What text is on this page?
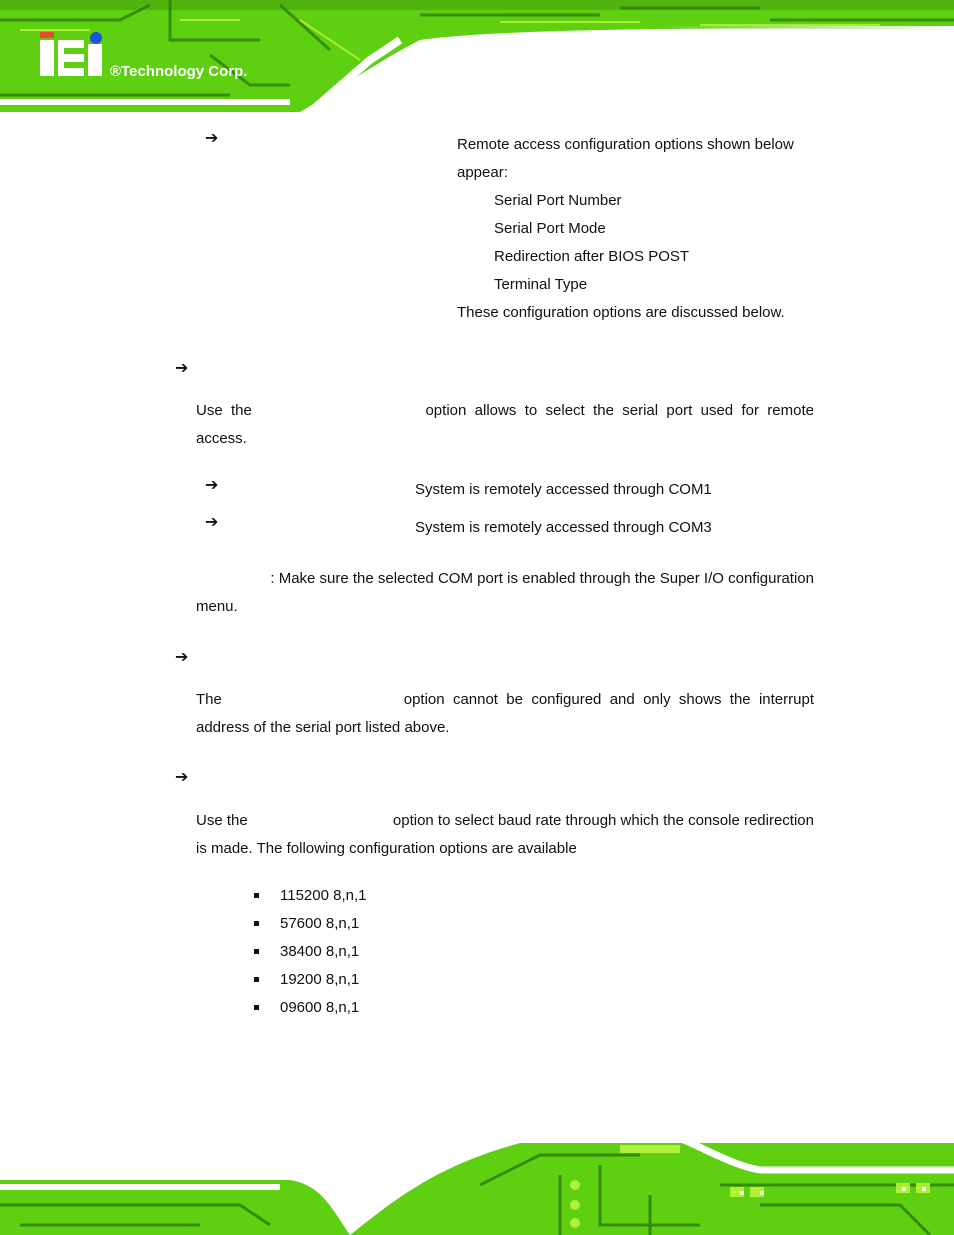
®Technology Corp.
➔	Remote access configuration options shown below
appear:
Serial Port Number
Serial Port Mode
Redirection after BIOS POST
Terminal Type
These configuration options are discussed below.
➔
Use  the	option  allows  to  select  the  serial  port  used  for  remote
access.
➔	System is remotely accessed through COM1
➔	System is remotely accessed through COM3
: Make sure the selected COM port is enabled through the Super I/O configuration
menu.
➔
The	option  cannot  be  configured  and  only  shows  the  interrupt
address of the serial port listed above.
➔
Use the	option to select baud rate through which the console redirection
is made. The following configuration options are available
115200 8,n,1
57600 8,n,1
38400 8,n,1
19200 8,n,1
09600 8,n,1
